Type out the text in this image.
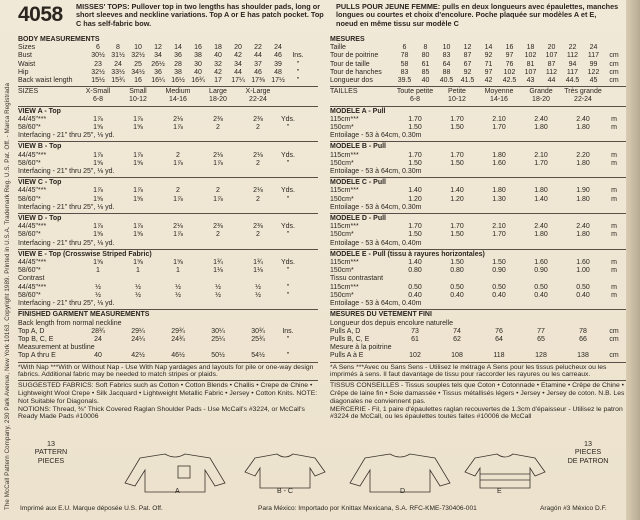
The McCall Pattern Company, 230 Park Avenue, New York 10163. Copyright 1989. Printed in U.S.A. Trademark Reg. U.S. Pat. Off. - Marca Registrada
4058 MISSES' TOPS: Pullover top in two lengths has shoulder pads, long or short sleeves and neckline variations. Top A or E has patch pocket. Top C has self-fabric bow.
BODY MEASUREMENTS
Sizes	6	8	10	12	14	16	18	20	22	24
Bust	30½ 31½ 32½	34	36	38	40	42	44	46	Ins.
Waist	23	24	25	26½	28	30	32	34	37	39	"
Hip	32½ 33½ 34½	36	38	40	42	44	46	48	"
Back waist length	15½ 15¾	16	16¼ 16½ 16¾	17	17¼ 17⅜ 17½	"
SIZES	X-Small	Small	Medium	Large	X-Large
6-8	10-12	14-16	18-20	22-24
VIEW A - Top
44/45"***	1⅞	1⅞	2⅛	2⅜	2⅜	Yds.
58/60"*	1⅝	1⅝	1⅞	2	2	"
Interfacing - 21" thru 25", ⅛ yd.
VIEW B - Top
44/45"***	1⅞	1⅞	2	2⅛	2⅛	Yds.
58/60"*	1⅝	1⅝	1⅞	1⅞	2	"
Interfacing - 21" thru 25", ⅛ yd.
VIEW C - Top
44/45"***	1⅞	1⅞	2	2	2⅛	Yds.
58/60"*	1⅝	1⅝	1⅞	1⅞	2	"
Interfacing - 21" thru 25", ⅛ yd.
VIEW D - Top
44/45"***	1⅞	1⅞	2⅛	2⅜	2⅜	Yds.
58/60"*	1⅝	1⅝	1⅞	2	2	"
Interfacing - 21" thru 25", ⅛ yd.
VIEW E - Top (Crosswise Striped Fabric)
44/45"***	1⅝	1⅝	1⅝	1¾	1¾	Yds.
58/60"*	1	1	1	1⅛	1⅛	"
Contrast
44/45"***	½	½	½	½	½	"
58/60"*	½	½	½	½	½	"
Interfacing - 21" thru 25", ⅛ yd.
FINISHED GARMENT MEASUREMENTS
Back length from normal neckline
Top A, D	28¾	29¼	29¾	30¼	30¾	Ins.
Top B, C, E	24	24¼	24¾	25¼	25¾	"
Measurement at bustline
Top A thru E	40	42½	46½	50½	54½	"
*With Nap ***With or Without Nap - Use With Nap yardages and layouts for pile or one-way design fabrics. Additional fabric may be needed to match stripes or plaids.
SUGGESTED FABRICS: Soft Fabrics such as Cotton • Cotton Blends • Challis • Crepe de Chine • Lightweight Wool Crepe • Silk Jacquard • Lightweight Metallic Fabric • Jersey • Cotton Knits. NOTE: Not Suitable for Diagonals.
NOTIONS: Thread, ⅜" Thick Covered Raglan Shoulder Pads - Use McCall's #3224, or McCall's Ready Made Pads #10006
PULLS POUR JEUNE FEMME: pulls en deux longueurs avec épaulettes, manches longues ou courtes et choix d'encolure. Poche plaquée sur modèles A et E, noeud en même tissu sur modèle C
MESURES
Taille	6	8	10	12	14	16	18	20	22	24
Tour de poitrine	78	80	83	87	92	97	102	107	112	117	cm
Tour de taille	58	61	64	67	71	76	81	87	94	99	cm
Tour de hanches	83	85	88	92	97	102	107	112	117	122	cm
Longueur dos	39.5	40	40.5	41.5	42	42.5	43	44	44.5	45	cm
TAILLES	Toute petite	Petite	Moyenne	Grande	Très grande
6-8	10-12	14-16	18-20	22-24
MODELE A - Pull
115cm***	1.70	1.70	2.10	2.40	2.40	m
150cm*	1.50	1.50	1.70	1.80	1.80	m
Entoilage - 53 à 64cm, 0.30m
MODELE B - Pull
115cm***	1.70	1.70	1.80	2.10	2.20	m
150cm*	1.50	1.50	1.60	1.70	1.80	m
Entoilage - 53 à 64cm, 0.30m
MODELE C - Pull
115cm***	1.40	1.40	1.80	1.80	1.90	m
150cm*	1.20	1.20	1.30	1.40	1.80	m
Entoilage - 53 à 64cm, 0.30m
MODELE D - Pull
115cm***	1.70	1.70	2.10	2.40	2.40	m
150cm*	1.50	1.50	1.70	1.80	1.80	m
Entoilage - 53 à 64cm, 0.40m
MODELE E - Pull (tissu à rayures horizontales)
115cm***	1.40	1.50	1.50	1.60	1.60	m
150cm*	0.80	0.80	0.90	0.90	1.00	m
Tissu contrastant
115cm***	0.50	0.50	0.50	0.50	0.50	m
150cm*	0.40	0.40	0.40	0.40	0.40	m
Entoilage - 53 à 64cm, 0.40m
MESURES DU VETEMENT FINI
Longueur dos depuis encolure naturelle
Pulls A, D	73	74	76	77	78	cm
Pulls B, C, E	61	62	64	65	66	cm
Mesure à la poitrine
Pulls A à E	102	108	118	128	138	cm
*A Sens ***Avec ou Sans Sens - Utilisez le métrage A Sens pour les tissus pelucheux ou les imprimés à sens. Il faut davantage de tissu pour raccorder les rayures ou les carreaux.
TISSUS CONSEILLES - Tissus souples tels que Coton • Cotonnade • Etamine • Crêpe de Chine • Crêpe de laine fin • Soie damassée • Tissus métallisés légers • Jersey • Jersey de coton. N.B. Les diagonales ne conviennent pas.
MERCERIE - Fil, 1 paire d'épaulettes raglan recouvertes de 1.3cm d'épaisseur - Utilisez le patron #3224 de McCall, ou les épaulettes toutes faites #10006 de McCall
13
PATTERN
PIECES
13
PIECES
DE PATRON
A	B - C	D	E
Imprimé aux E.U. Marque déposée U.S. Pat. Off.	Para México: Importado por Knittax Mexicana, S.A. RFC-KME-730406-001	Aragón #3 México D.F.
